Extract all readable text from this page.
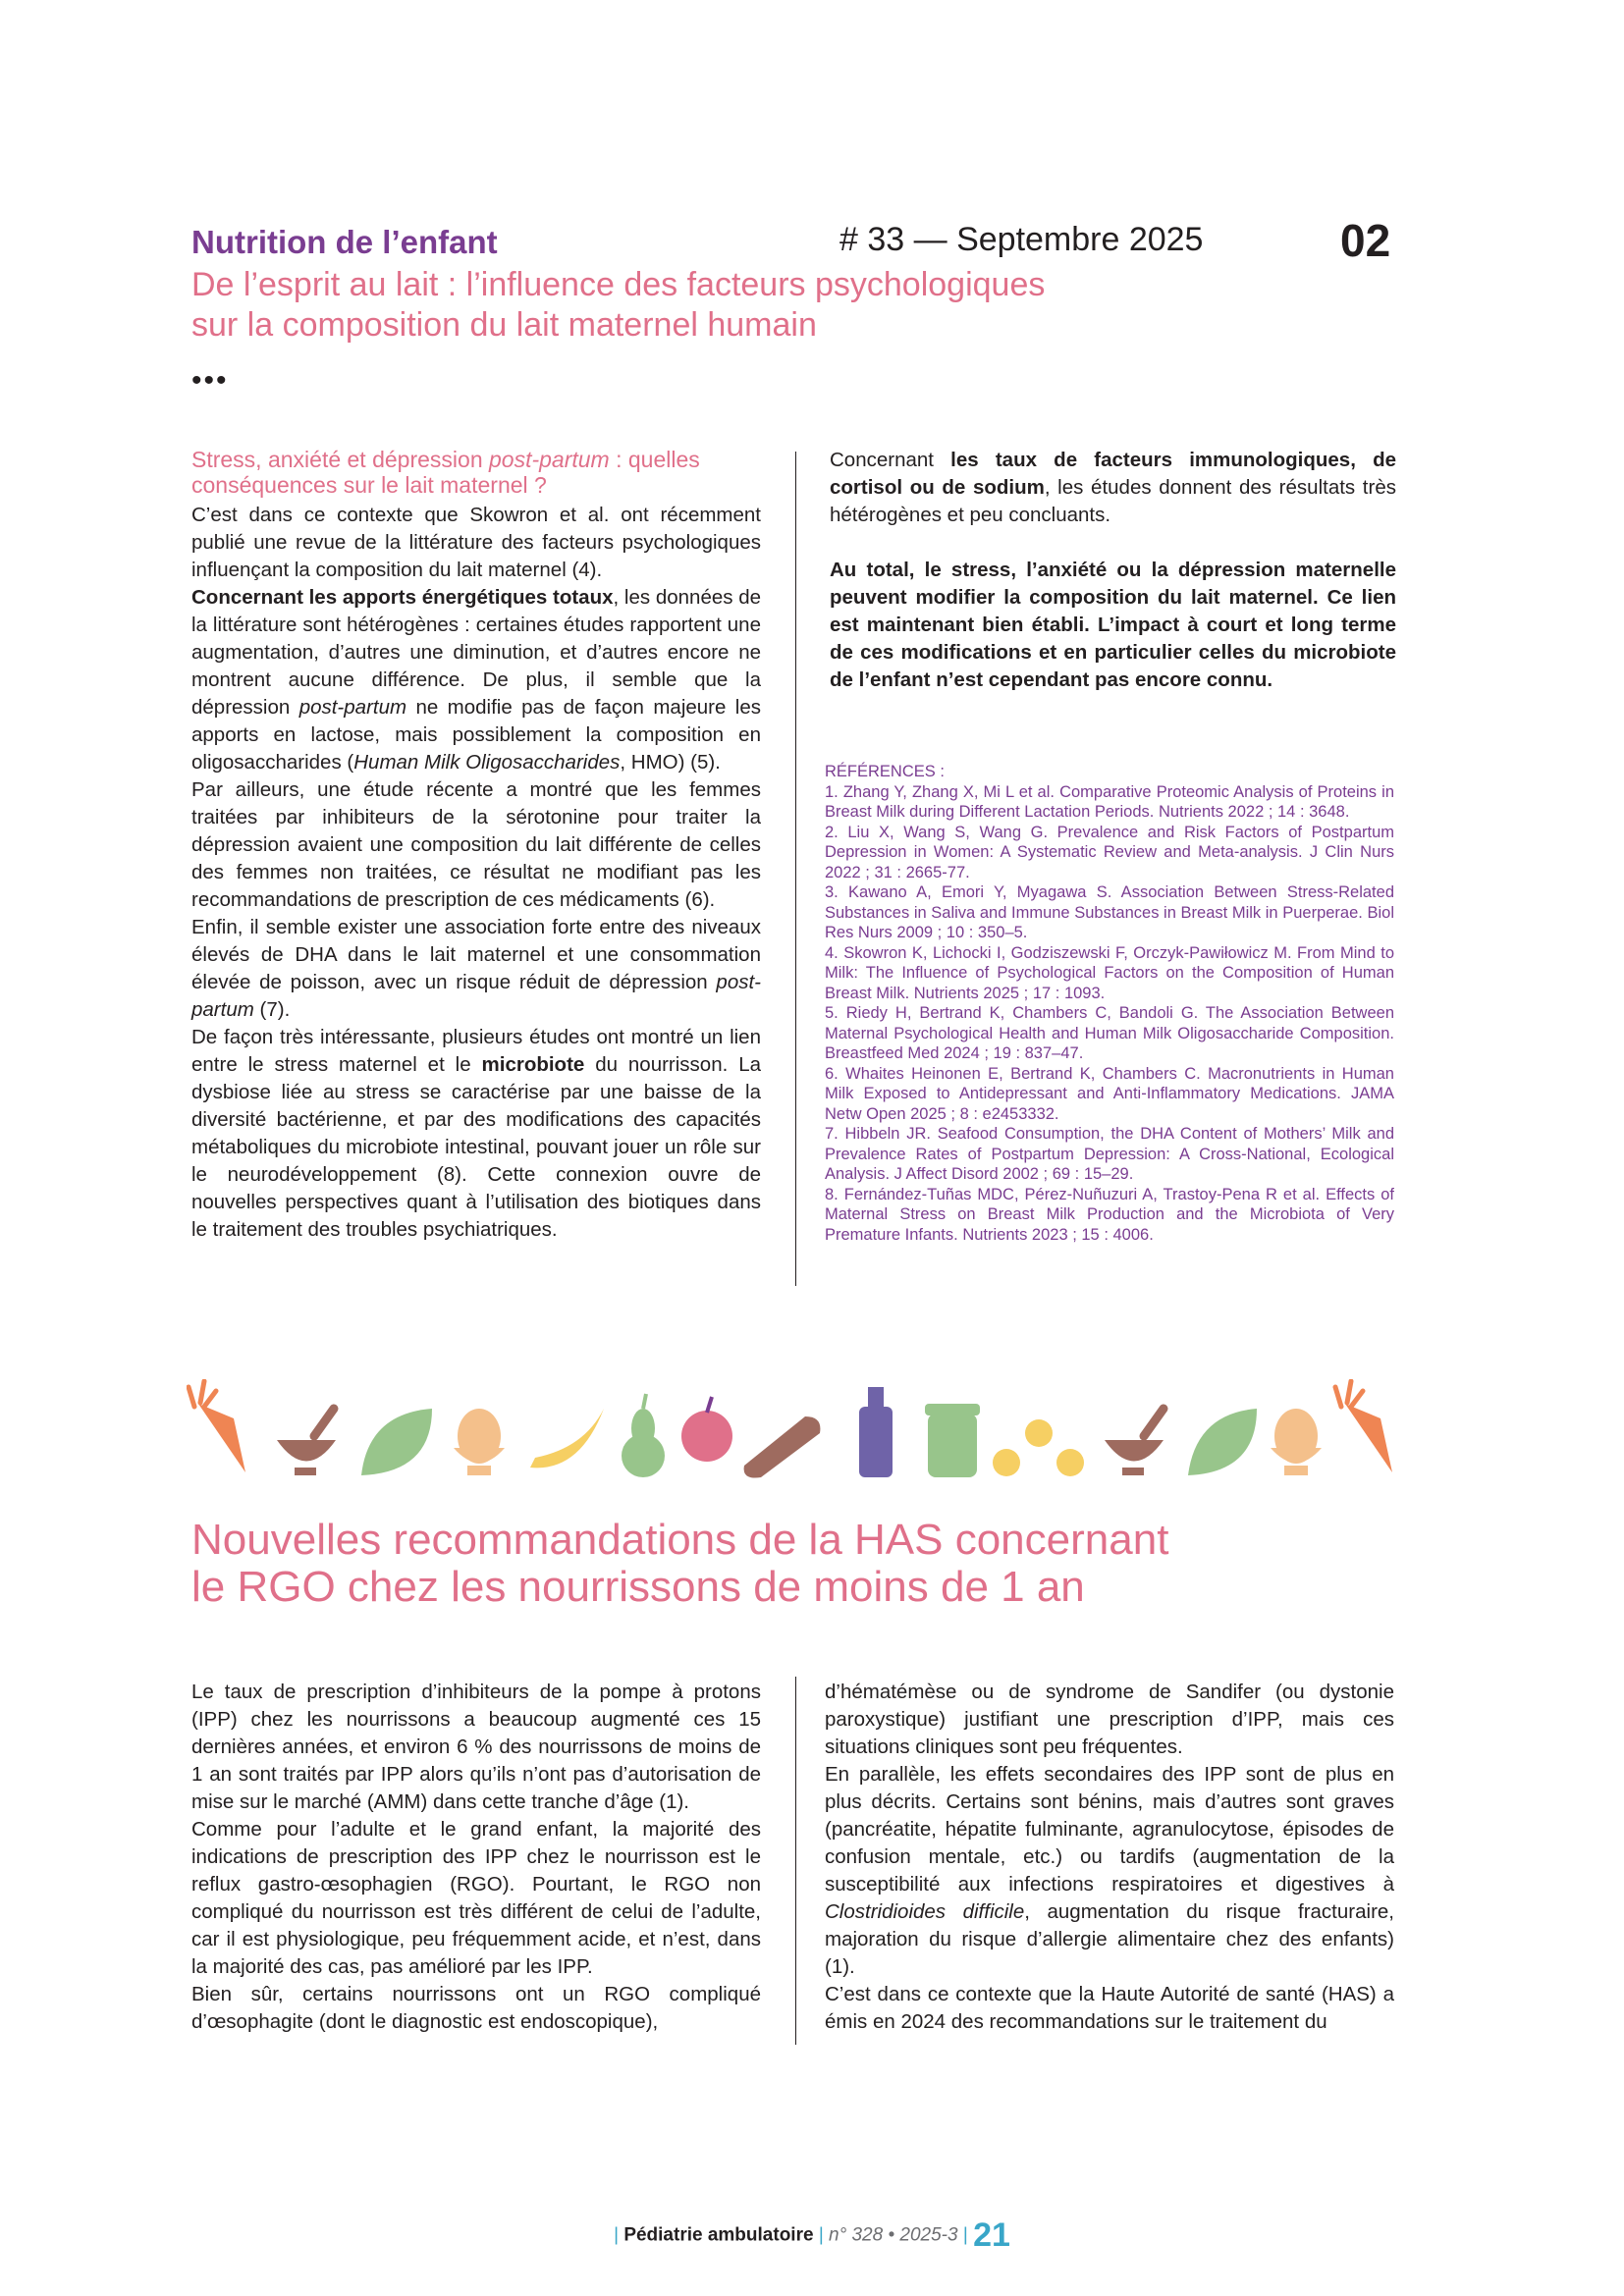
Nutrition de l’enfant	# 33 — Septembre 2025	02
De l’esprit au lait : l’influence des facteurs psychologiques
sur la composition du lait maternel humain
•••

Stress, anxiété et dépression post-partum : quelles conséquences sur le lait maternel ?

C’est dans ce contexte que Skowron et al. ont récemment publié une revue de la littérature des facteurs psychologiques influençant la composition du lait maternel (4).

Concernant les apports énergétiques totaux, les données de la littérature sont hétérogènes : certaines études rapportent une augmentation, d’autres une diminution, et d’autres encore ne montrent aucune différence. De plus, il semble que la dépression post-partum ne modifie pas de façon majeure les apports en lactose, mais possiblement la composition en oligosaccharides (Human Milk Oligosaccharides, HMO) (5).

Par ailleurs, une étude récente a montré que les femmes traitées par inhibiteurs de la sérotonine pour traiter la dépression avaient une composition du lait différente de celles des femmes non traitées, ce résultat ne modifiant pas les recommandations de prescription de ces médicaments (6).

Enfin, il semble exister une association forte entre des niveaux élevés de DHA dans le lait maternel et une consommation élevée de poisson, avec un risque réduit de dépression post-partum (7).

De façon très intéressante, plusieurs études ont montré un lien entre le stress maternel et le microbiote du nourrisson. La dysbiose liée au stress se caractérise par une baisse de la diversité bactérienne, et par des modifications des capacités métaboliques du microbiote intestinal, pouvant jouer un rôle sur le neurodéveloppement (8). Cette connexion ouvre de nouvelles perspectives quant à l’utilisation des biotiques dans le traitement des troubles psychiatriques.

Concernant les taux de facteurs immunologiques, de cortisol ou de sodium, les études donnent des résultats très hétérogènes et peu concluants.

Au total, le stress, l’anxiété ou la dépression maternelle peuvent modifier la composition du lait maternel. Ce lien est maintenant bien établi. L’impact à court et long terme de ces modifications et en particulier celles du microbiote de l’enfant n’est cependant pas encore connu.

RÉFÉRENCES :

1. Zhang Y, Zhang X, Mi L et al. Comparative Proteomic Analysis of Proteins in Breast Milk during Different Lactation Periods. Nutrients 2022 ; 14 : 3648.

2. Liu X, Wang S, Wang G. Prevalence and Risk Factors of Postpartum Depression in Women: A Systematic Review and Meta-analysis. J Clin Nurs 2022 ; 31 : 2665-77.

3. Kawano A, Emori Y, Myagawa S. Association Between Stress-Related Substances in Saliva and Immune Substances in Breast Milk in Puerperae. Biol Res Nurs 2009 ; 10 : 350–5.

4. Skowron K, Lichocki I, Godziszewski F, Orczyk-Pawiłowicz M. From Mind to Milk: The Influence of Psychological Factors on the Composition of Human Breast Milk. Nutrients 2025 ; 17 : 1093.

5. Riedy H, Bertrand K, Chambers C, Bandoli G. The Association Between Maternal Psychological Health and Human Milk Oligosaccharide Composition. Breastfeed Med 2024 ; 19 : 837–47.

6. Whaites Heinonen E, Bertrand K, Chambers C. Macronutrients in Human Milk Exposed to Antidepressant and Anti-Inflammatory Medications. JAMA Netw Open 2025 ; 8 : e2453332.

7. Hibbeln JR. Seafood Consumption, the DHA Content of Mothers’ Milk and Prevalence Rates of Postpartum Depression: A Cross-National, Ecological Analysis. J Affect Disord 2002 ; 69 : 15–29.

8. Fernández-Tuñas MDC, Pérez-Nuñuzuri A, Trastoy-Pena R et al. Effects of Maternal Stress on Breast Milk Production and the Microbiota of Very Premature Infants. Nutrients 2023 ; 15 : 4006.

Nouvelles recommandations de la HAS concernant
le RGO chez les nourrissons de moins de 1 an

Le taux de prescription d’inhibiteurs de la pompe à protons (IPP) chez les nourrissons a beaucoup augmenté ces 15 dernières années, et environ 6 % des nourrissons de moins de 1 an sont traités par IPP alors qu’ils n’ont pas d’autorisation de mise sur le marché (AMM) dans cette tranche d’âge (1).

Comme pour l’adulte et le grand enfant, la majorité des indications de prescription des IPP chez le nourrisson est le reflux gastro-œsophagien (RGO). Pourtant, le RGO non compliqué du nourrisson est très différent de celui de l’adulte, car il est physiologique, peu fréquemment acide, et n’est, dans la majorité des cas, pas amélioré par les IPP.

Bien sûr, certains nourrissons ont un RGO compliqué d’œsophagite (dont le diagnostic est endoscopique),

d’hématémèse ou de syndrome de Sandifer (ou dystonie paroxystique) justifiant une prescription d’IPP, mais ces situations cliniques sont peu fréquentes.

En parallèle, les effets secondaires des IPP sont de plus en plus décrits. Certains sont bénins, mais d’autres sont graves (pancréatite, hépatite fulminante, agranulocytose, épisodes de confusion mentale, etc.) ou tardifs (augmentation de la susceptibilité aux infections respiratoires et digestives à Clostridioides difficile, augmentation du risque fracturaire, majoration du risque d’allergie alimentaire chez des enfants) (1).

C’est dans ce contexte que la Haute Autorité de santé (HAS) a émis en 2024 des recommandations sur le traitement du

| Pédiatrie ambulatoire | n° 328 • 2025-3 | 21
